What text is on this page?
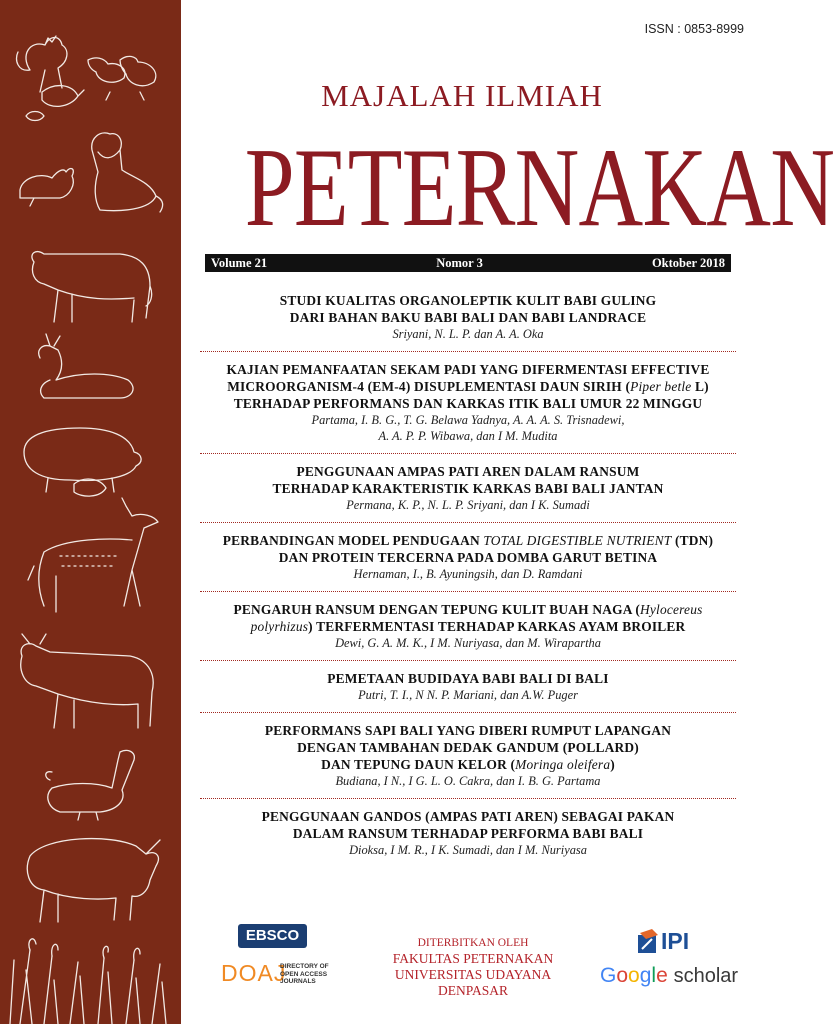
ISSN : 0853-8999
MAJALAH ILMIAH
PETERNAKAN
Volume 21	Nomor 3	Oktober 2018
STUDI KUALITAS ORGANOLEPTIK KULIT BABI GULING
DARI BAHAN BAKU BABI BALI DAN BABI LANDRACE
Sriyani, N. L. P. dan A. A. Oka
KAJIAN PEMANFAATAN SEKAM PADI YANG DIFERMENTASI EFFECTIVE
MICROORGANISM-4 (EM-4) DISUPLEMENTASI DAUN SIRIH (Piper betle L)
TERHADAP PERFORMANS DAN KARKAS ITIK BALI UMUR 22 MINGGU
Partama, I. B. G., T. G. Belawa Yadnya, A. A. A. S. Trisnadewi,
A. A. P. P. Wibawa, dan I M. Mudita
PENGGUNAAN AMPAS PATI AREN DALAM RANSUM
TERHADAP KARAKTERISTIK KARKAS BABI BALI JANTAN
Permana, K. P., N. L. P. Sriyani, dan I K. Sumadi
PERBANDINGAN MODEL PENDUGAAN TOTAL DIGESTIBLE NUTRIENT (TDN)
DAN PROTEIN TERCERNA PADA DOMBA GARUT BETINA
Hernaman, I., B. Ayuningsih, dan D. Ramdani
PENGARUH RANSUM DENGAN TEPUNG KULIT BUAH NAGA (Hylocereus
polyrhizus) TERFERMENTASI TERHADAP KARKAS AYAM BROILER
Dewi, G. A. M. K., I M. Nuriyasa, dan M. Wirapartha
PEMETAAN BUDIDAYA BABI BALI DI BALI
Putri, T. I., N N. P. Mariani, dan A.W. Puger
PERFORMANS SAPI BALI YANG DIBERI RUMPUT LAPANGAN
DENGAN TAMBAHAN DEDAK GANDUM (POLLARD)
DAN TEPUNG DAUN KELOR (Moringa oleifera)
Budiana, I N., I G. L. O. Cakra, dan I. B. G. Partama
PENGGUNAAN GANDOS (AMPAS PATI AREN) SEBAGAI PAKAN
DALAM RANSUM TERHADAP PERFORMA BABI BALI
Dioksa, I M. R., I K. Sumadi, dan I M. Nuriyasa
EBSCO
DOAJ
DIRECTORY OF
OPEN ACCESS
JOURNALS
DITERBITKAN OLEH
FAKULTAS PETERNAKAN
UNIVERSITAS UDAYANA
DENPASAR
IPI
Google scholar
